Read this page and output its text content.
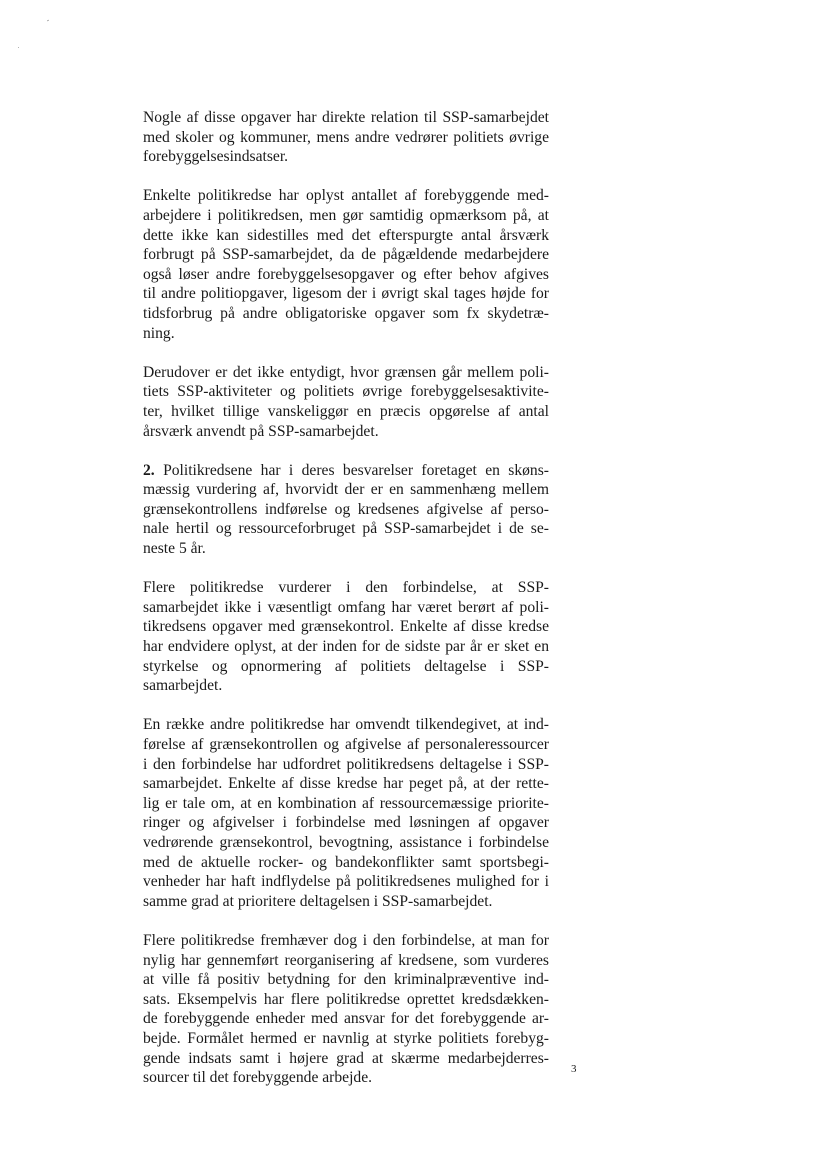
Nogle af disse opgaver har direkte relation til SSP-samarbejdet
med skoler og kommuner, mens andre vedrører politiets øvrige
forebyggelsesindsatser.

Enkelte politikredse har oplyst antallet af forebyggende med-
arbejdere i politikredsen, men gør samtidig opmærksom på, at
dette ikke kan sidestilles med det efterspurgte antal årsværk
forbrugt på SSP-samarbejdet, da de pågældende medarbejdere
også løser andre forebyggelsesopgaver og efter behov afgives
til andre politiopgaver, ligesom der i øvrigt skal tages højde for
tidsforbrug på andre obligatoriske opgaver som fx skydetræ-
ning.

Derudover er det ikke entydigt, hvor grænsen går mellem poli-
tiets SSP-aktiviteter og politiets øvrige forebyggelsesaktivite-
ter, hvilket tillige vanskeliggør en præcis opgørelse af antal
årsværk anvendt på SSP-samarbejdet.

2. Politikredsene har i deres besvarelser foretaget en skøns-
mæssig vurdering af, hvorvidt der er en sammenhæng mellem
grænsekontrollens indførelse og kredsenes afgivelse af perso-
nale hertil og ressourceforbruget på SSP-samarbejdet i de se-
neste 5 år.

Flere politikredse vurderer i den forbindelse, at SSP-
samarbejdet ikke i væsentligt omfang har været berørt af poli-
tikredsens opgaver med grænsekontrol. Enkelte af disse kredse
har endvidere oplyst, at der inden for de sidste par år er sket en
styrkelse og opnormering af politiets deltagelse i SSP-
samarbejdet.

En række andre politikredse har omvendt tilkendegivet, at ind-
førelse af grænsekontrollen og afgivelse af personaleressourcer
i den forbindelse har udfordret politikredsens deltagelse i SSP-
samarbejdet. Enkelte af disse kredse har peget på, at der rette-
lig er tale om, at en kombination af ressourcemæssige priorite-
ringer og afgivelser i forbindelse med løsningen af opgaver
vedrørende grænsekontrol, bevogtning, assistance i forbindelse
med de aktuelle rocker- og bandekonflikter samt sportsbegi-
venheder har haft indflydelse på politikredsenes mulighed for i
samme grad at prioritere deltagelsen i SSP-samarbejdet.

Flere politikredse fremhæver dog i den forbindelse, at man for
nylig har gennemført reorganisering af kredsene, som vurderes
at ville få positiv betydning for den kriminalpræventive ind-
sats. Eksempelvis har flere politikredse oprettet kredsdækken-
de forebyggende enheder med ansvar for det forebyggende ar-
bejde. Formålet hermed er navnlig at styrke politiets forebyg-
gende indsats samt i højere grad at skærme medarbejderres-
sourcer til det forebyggende arbejde.

3
